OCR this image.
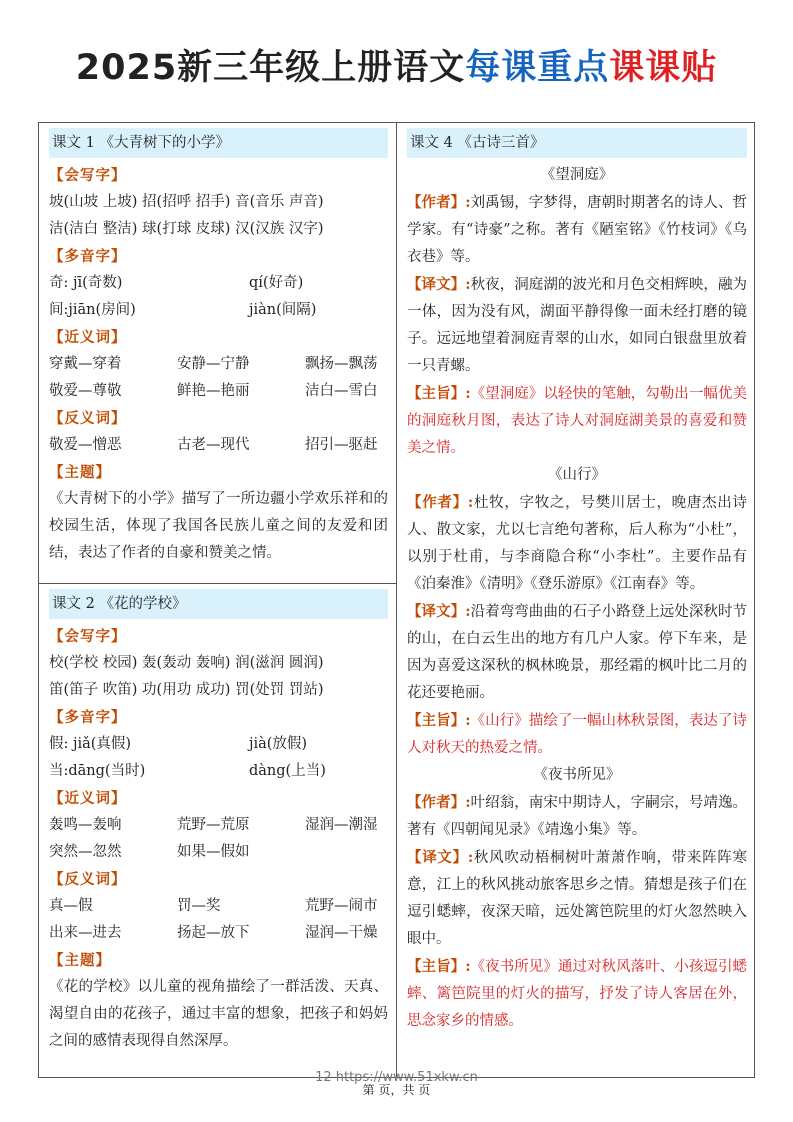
2025新三年级上册语文每课重点课课贴
课文 1 《大青树下的小学》
【会写字】
坡(山坡 上坡) 招(招呼 招手) 音(音乐 声音)
洁(洁白 整洁) 球(打球 皮球) 汉(汉族 汉字)
【多音字】
奇: jī(奇数)	qí(好奇)
间:jiān(房间)	jiàn(间隔)
【近义词】
穿戴—穿着	安静—宁静	飘扬—飘荡
敬爱—尊敬	鲜艳—艳丽	洁白—雪白
【反义词】
敬爱—憎恶	古老—现代	招引—驱赶
【主题】
《大青树下的小学》描写了一所边疆小学欢乐祥和的校园生活，体现了我国各民族儿童之间的友爱和团结，表达了作者的自豪和赞美之情。
课文 2 《花的学校》
【会写字】
校(学校 校园) 轰(轰动 轰响) 润(滋润 圆润)
笛(笛子 吹笛) 功(用功 成功) 罚(处罚 罚站)
【多音字】
假: jiǎ(真假)	jià(放假)
当:dāng(当时)	dàng(上当)
【近义词】
轰鸣—轰响	荒野—荒原	湿润—潮湿
突然—忽然	如果—假如
【反义词】
真—假	罚—奖	荒野—闹市
出来—进去	扬起—放下	湿润—干燥
【主题】
《花的学校》以儿童的视角描绘了一群活泼、天真、渴望自由的花孩子，通过丰富的想象，把孩子和妈妈之间的感情表现得自然深厚。
课文 4 《古诗三首》
《望洞庭》
【作者】:刘禹锡，字梦得，唐朝时期著名的诗人、哲学家。有“诗豪”之称。著有《陋室铭》《竹枝词》《乌衣巷》等。
【译文】:秋夜，洞庭湖的波光和月色交相辉映，融为一体，因为没有风，湖面平静得像一面未经打磨的镜子。远远地望着洞庭青翠的山水，如同白银盘里放着一只青螺。
【主旨】:《望洞庭》以轻快的笔触，勾勒出一幅优美的洞庭秋月图，表达了诗人对洞庭湖美景的喜爱和赞美之情。
《山行》
【作者】:杜牧，字牧之，号樊川居士，晚唐杰出诗人、散文家，尤以七言绝句著称，后人称为“小杜”，以别于杜甫，与李商隐合称“小李杜”。主要作品有《泊秦淮》《清明》《登乐游原》《江南春》等。
【译文】:沿着弯弯曲曲的石子小路登上远处深秋时节的山，在白云生出的地方有几户人家。停下车来，是因为喜爱这深秋的枫林晚景，那经霜的枫叶比二月的花还要艳丽。
【主旨】:《山行》描绘了一幅山林秋景图，表达了诗人对秋天的热爱之情。
《夜书所见》
【作者】:叶绍翁，南宋中期诗人，字嗣宗，号靖逸。著有《四朝闻见录》《靖逸小集》等。
【译文】:秋风吹动梧桐树叶萧萧作响，带来阵阵寒意，江上的秋风挑动旅客思乡之情。猜想是孩子们在逗引蟋蟀，夜深天暗，远处篱笆院里的灯火忽然映入眼中。
【主旨】:《夜书所见》通过对秋风落叶、小孩逗引蟋蟀、篱笆院里的灯火的描写，抒发了诗人客居在外，思念家乡的情感。
12 https://www.51xkw.cn
第 页，共 页
